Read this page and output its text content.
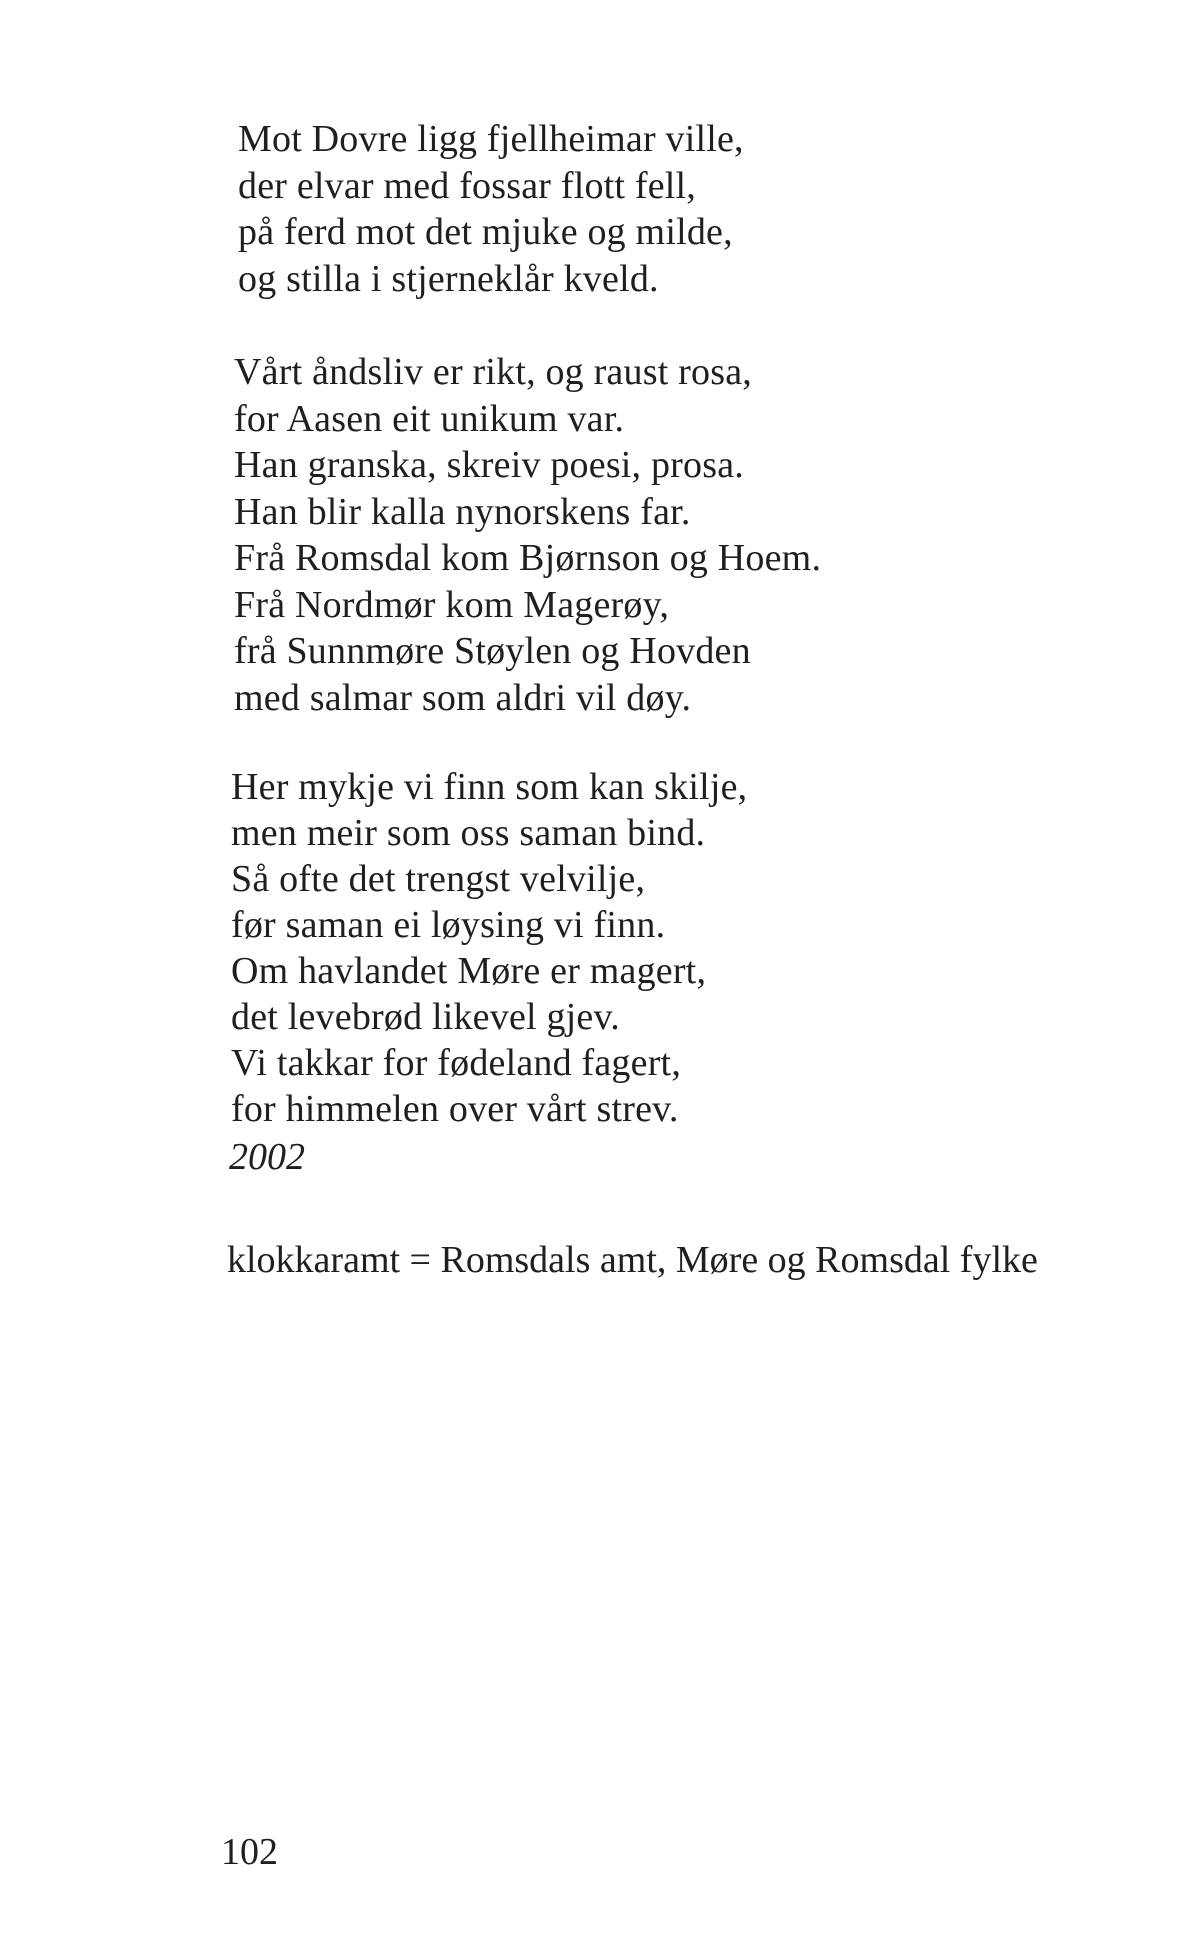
Mot Dovre ligg fjellheimar ville,
der elvar med fossar flott fell,
på ferd mot det mjuke og milde,
og stilla i stjerneklår kveld.
Vårt åndsliv er rikt, og raust rosa,
for Aasen eit unikum var.
Han granska, skreiv poesi, prosa.
Han blir kalla nynorskens far.
Frå Romsdal kom Bjørnson og Hoem.
Frå Nordmør kom Magerøy,
frå Sunnmøre Støylen og Hovden
med salmar som aldri vil døy.
Her mykje vi finn som kan skilje,
men meir som oss saman bind.
Så ofte det trengst velvilje,
før saman ei løysing vi finn.
Om havlandet Møre er magert,
det levebrød likevel gjev.
Vi takkar for fødeland fagert,
for himmelen over vårt strev.
2002
klokkaramt = Romsdals amt, Møre og Romsdal fylke
102
